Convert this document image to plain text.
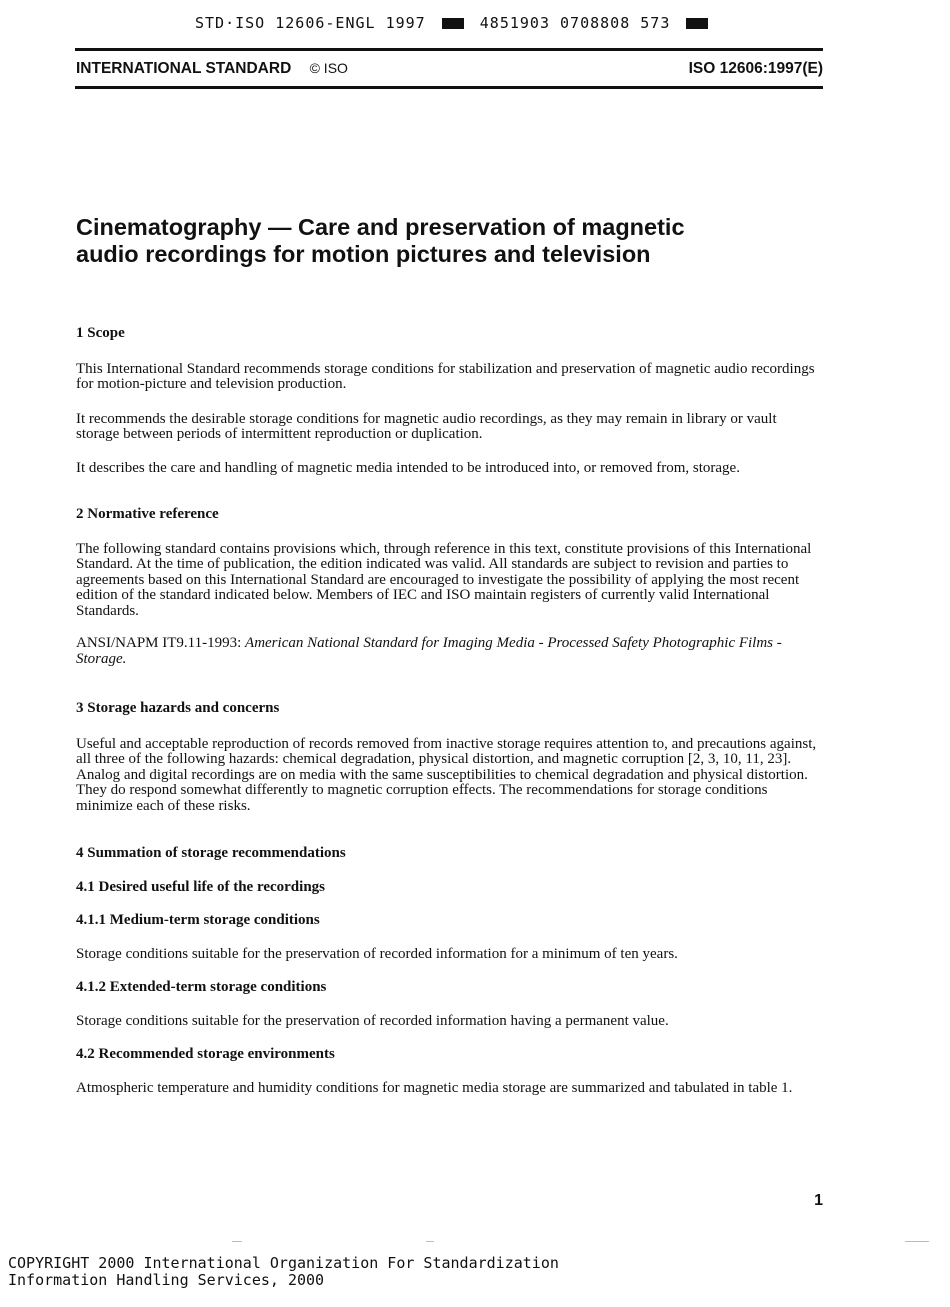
STD·ISO 12606-ENGL 1997	4851903 0708808 573
INTERNATIONAL STANDARD © ISO	ISO 12606:1997(E)
Cinematography — Care and preservation of magnetic
audio recordings for motion pictures and television

1 Scope

This International Standard recommends storage conditions for stabilization and preservation of magnetic audio recordings for motion-picture and television production.

It recommends the desirable storage conditions for magnetic audio recordings, as they may remain in library or vault storage between periods of intermittent reproduction or duplication.

It describes the care and handling of magnetic media intended to be introduced into, or removed from, storage.

2 Normative reference

The following standard contains provisions which, through reference in this text, constitute provisions of this International Standard. At the time of publication, the edition indicated was valid. All standards are subject to revision and parties to agreements based on this International Standard are encouraged to investigate the possibility of applying the most recent edition of the standard indicated below. Members of IEC and ISO maintain registers of currently valid International Standards.

ANSI/NAPM IT9.11-1993: American National Standard for Imaging Media - Processed Safety Photographic Films - Storage.

3 Storage hazards and concerns

Useful and acceptable reproduction of records removed from inactive storage requires attention to, and precautions against, all three of the following hazards: chemical degradation, physical distortion, and magnetic corruption [2, 3, 10, 11, 23]. Analog and digital recordings are on media with the same susceptibilities to chemical degradation and physical distortion. They do respond somewhat differently to magnetic corruption effects. The recommendations for storage conditions minimize each of these risks.

4 Summation of storage recommendations

4.1 Desired useful life of the recordings

4.1.1 Medium-term storage conditions

Storage conditions suitable for the preservation of recorded information for a minimum of ten years.

4.1.2 Extended-term storage conditions

Storage conditions suitable for the preservation of recorded information having a permanent value.

4.2 Recommended storage environments

Atmospheric temperature and humidity conditions for magnetic media storage are summarized and tabulated in table 1.

1
COPYRIGHT 2000 International Organization For Standardization
Information Handling Services, 2000
